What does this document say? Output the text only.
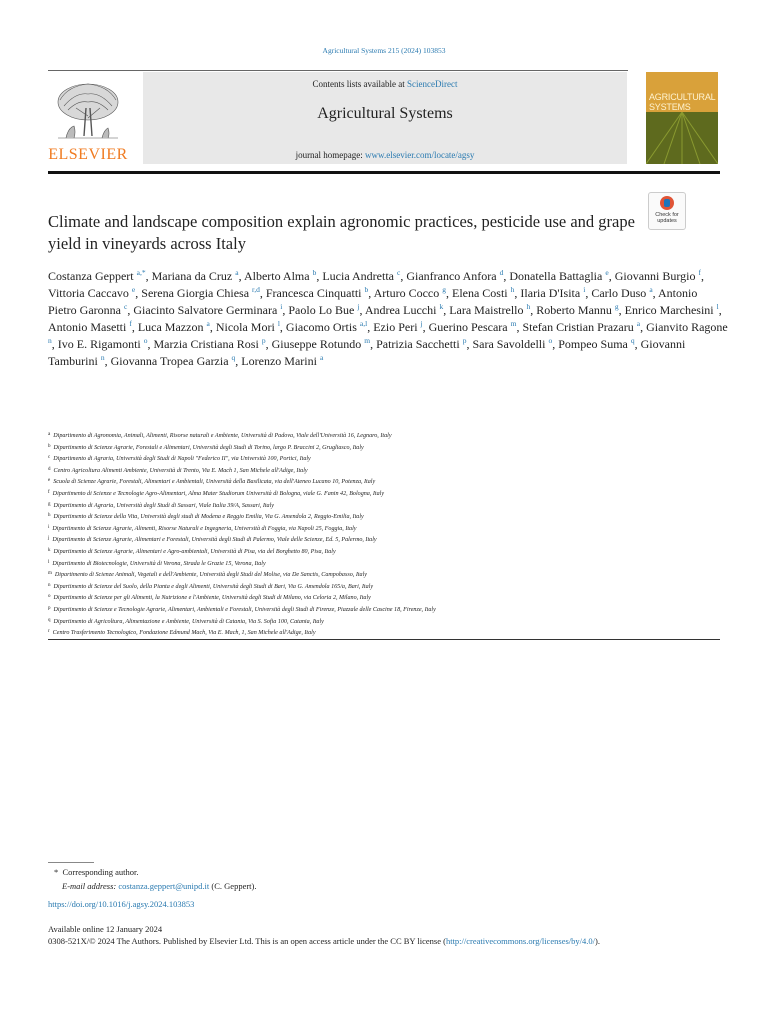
Agricultural Systems 215 (2024) 103853
ELSEVIER
Contents lists available at ScienceDirect
Agricultural Systems
journal homepage: www.elsevier.com/locate/agsy
AGRICULTURAL
SYSTEMS
Check for
updates
Climate and landscape composition explain agronomic practices, pesticide use and grape yield in vineyards across Italy
Costanza Geppert $^{a,*}$, Mariana da Cruz $^a$, Alberto Alma $^b$, Lucia Andretta $^c$, Gianfranco Anfora $^d$, Donatella Battaglia $^e$, Giovanni Burgio $^f$, Vittoria Caccavo $^e$, Serena Giorgia Chiesa $^{r,d}$, Francesca Cinquatti $^b$, Arturo Cocco $^g$, Elena Costi $^h$, Ilaria D'Isita $^i$, Carlo Duso $^a$, Antonio Pietro Garonna $^c$, Giacinto Salvatore Germinara $^i$, Paolo Lo Bue $^j$, Andrea Lucchi $^k$, Lara Maistrello $^h$, Roberto Mannu $^g$, Enrico Marchesini $^l$, Antonio Masetti $^f$, Luca Mazzon $^a$, Nicola Mori $^l$, Giacomo Ortis $^{a,l}$, Ezio Peri $^j$, Guerino Pescara $^m$, Stefan Cristian Prazaru $^a$, Gianvito Ragone $^n$, Ivo E. Rigamonti $^o$, Marzia Cristiana Rosi $^p$, Giuseppe Rotundo $^m$, Patrizia Sacchetti $^p$, Sara Savoldelli $^o$, Pompeo Suma $^q$, Giovanni Tamburini $^n$, Giovanna Tropea Garzia $^q$, Lorenzo Marini $^a$
$^a$ Dipartimento di Agronomia, Animali, Alimenti, Risorse naturali e Ambiente, Università di Padova, Viale dell'Università 16, Legnaro, Italy
$^b$ Dipartimento di Scienze Agrarie, Forestali e Alimentari, Università degli Studi di Torino, largo P. Braccini 2, Grugliasco, Italy
$^c$ Dipartimento di Agraria, Università degli Studi di Napoli "Federico II", via Università 100, Portici, Italy
$^d$ Centro Agricoltura Alimenti Ambiente, Università di Trento, Via E. Mach 1, San Michele all'Adige, Italy
$^e$ Scuola di Scienze Agrarie, Forestali, Alimentari e Ambientali, Università della Basilicata, via dell'Ateneo Lucano 10, Potenza, Italy
$^f$ Dipartimento di Scienze e Tecnologie Agro-Alimentari, Alma Mater Studiorum Università di Bologna, viale G. Fanin 42, Bologna, Italy
$^g$ Dipartimento di Agraria, Università degli Studi di Sassari, Viale Italia 39/A, Sassari, Italy
$^h$ Dipartimento di Scienze della Vita, Università degli studi di Modena e Reggio Emilia, Via G. Amendola 2, Reggio-Emilia, Italy
$^i$ Dipartimento di Scienze Agrarie, Alimenti, Risorse Naturali e Ingegneria, Università di Foggia, via Napoli 25, Foggia, Italy
$^j$ Dipartimento di Scienze Agrarie, Alimentari e Forestali, Università degli Studi di Palermo, Viale delle Scienze, Ed. 5, Palermo, Italy
$^k$ Dipartimento di Scienze Agrarie, Alimentari e Agro-ambientali, Università di Pisa, via del Borghetto 80, Pisa, Italy
$^l$ Dipartimento di Biotecnologie, Università di Verona, Strada le Grazie 15, Verona, Italy
$^m$ Dipartimento di Scienze Animali, Vegetali e dell'Ambiente, Università degli Studi del Molise, via De Sanctis, Campobasso, Italy
$^n$ Dipartimento di Scienze del Suolo, della Pianta e degli Alimenti, Università degli Studi di Bari, Via G. Amendola 165/a, Bari, Italy
$^o$ Dipartimento di Scienze per gli Alimenti, la Nutrizione e l'Ambiente, Università degli Studi di Milano, via Celoria 2, Milano, Italy
$^p$ Dipartimento di Scienze e Tecnologie Agrarie, Alimentari, Ambientali e Forestali, Università degli Studi di Firenze, Piazzale delle Cascine 18, Firenze, Italy
$^q$ Dipartimento di Agricoltura, Alimentazione e Ambiente, Università di Catania, Via S. Sofia 100, Catania, Italy
$^r$ Centro Trasferimento Tecnologico, Fondazione Edmund Mach, Via E. Mach, 1, San Michele all'Adige, Italy
* Corresponding author.
E-mail address: costanza.geppert@unipd.it (C. Geppert).
https://doi.org/10.1016/j.agsy.2024.103853
Available online 12 January 2024
0308-521X/© 2024 The Authors. Published by Elsevier Ltd. This is an open access article under the CC BY license (http://creativecommons.org/licenses/by/4.0/).
